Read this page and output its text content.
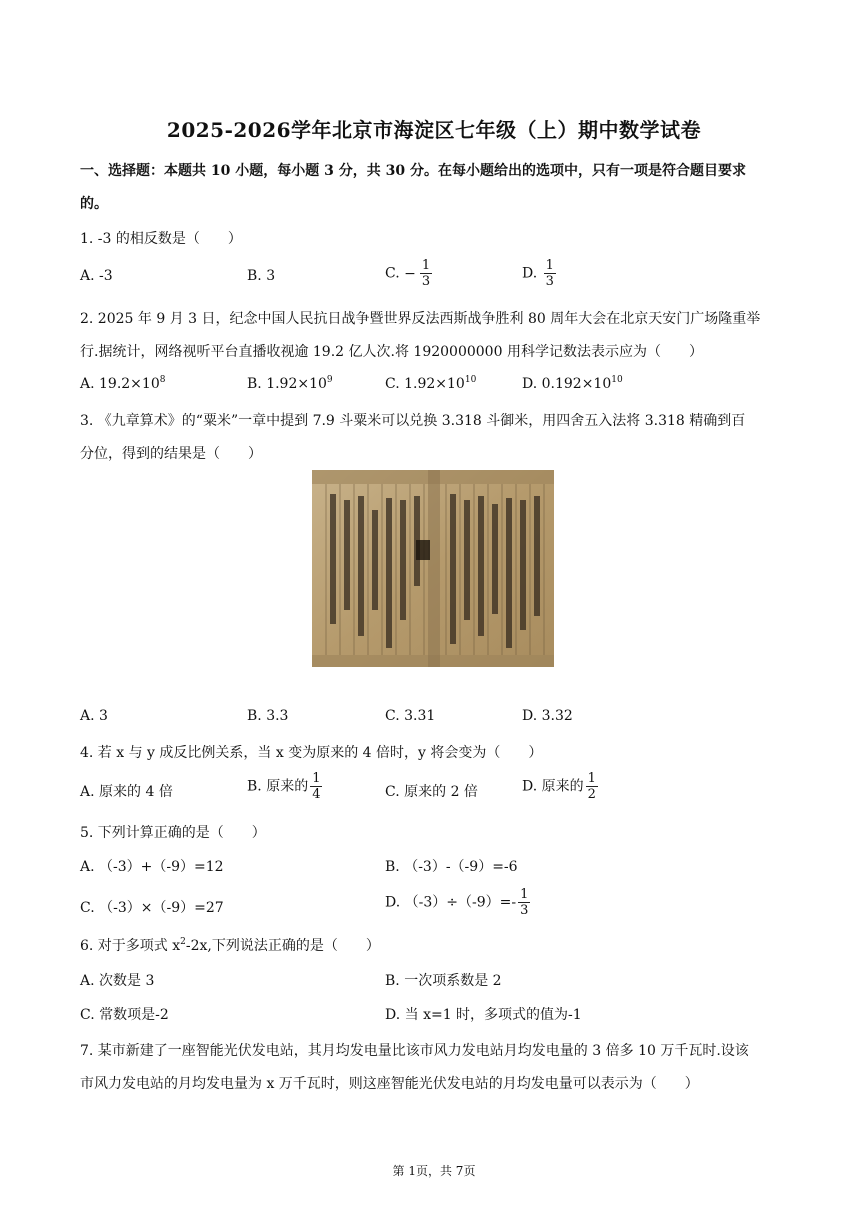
2025-2026学年北京市海淀区七年级（上）期中数学试卷
一、选择题：本题共 10 小题，每小题 3 分，共 30 分。在每小题给出的选项中，只有一项是符合题目要求
的。
1. -3 的相反数是（　　）
A. -3	B. 3	C. − $\frac{1}{3}$	D. $\frac{1}{3}$
2. 2025 年 9 月 3 日，纪念中国人民抗日战争暨世界反法西斯战争胜利 80 周年大会在北京天安门广场隆重举
行.据统计，网络视听平台直播收视逾 19.2 亿人次.将 1920000000 用科学记数法表示应为（　　）
A. $19.2\times 10^8$	B. $1.92\times 10^9$	C. $1.92\times 10^{10}$	D. $0.192\times 10^{10}$
3. 《九章算术》的“粟米”一章中提到 7.9 斗粟米可以兑换 3.318 斗御米，用四舍五入法将 3.318 精确到百
分位，得到的结果是（　　）
A. 3	B. 3.3	C. 3.31	D. 3.32
4. 若 x 与 y 成反比例关系，当 x 变为原来的 4 倍时，y 将会变为（　　）
A. 原来的 4 倍	B. 原来的 $\frac{1}{4}$	C. 原来的 2 倍	D. 原来的 $\frac{1}{2}$
5. 下列计算正确的是（　　）
A. （-3）+（-9）=12	B. （-3）-（-9）=-6
C. （-3）×（-9）=27	D. $(-3)\div(-9)=- \frac{1}{3}$
6. 对于多项式 $x^2-2x$,下列说法正确的是（　　）
A. 次数是 3	B. 一次项系数是 2
C. 常数项是-2	D. 当 x=1 时，多项式的值为-1
7. 某市新建了一座智能光伏发电站，其月均发电量比该市风力发电站月均发电量的 3 倍多 10 万千瓦时.设该
市风力发电站的月均发电量为 x 万千瓦时，则这座智能光伏发电站的月均发电量可以表示为（　　）
第 1页，共 7页
